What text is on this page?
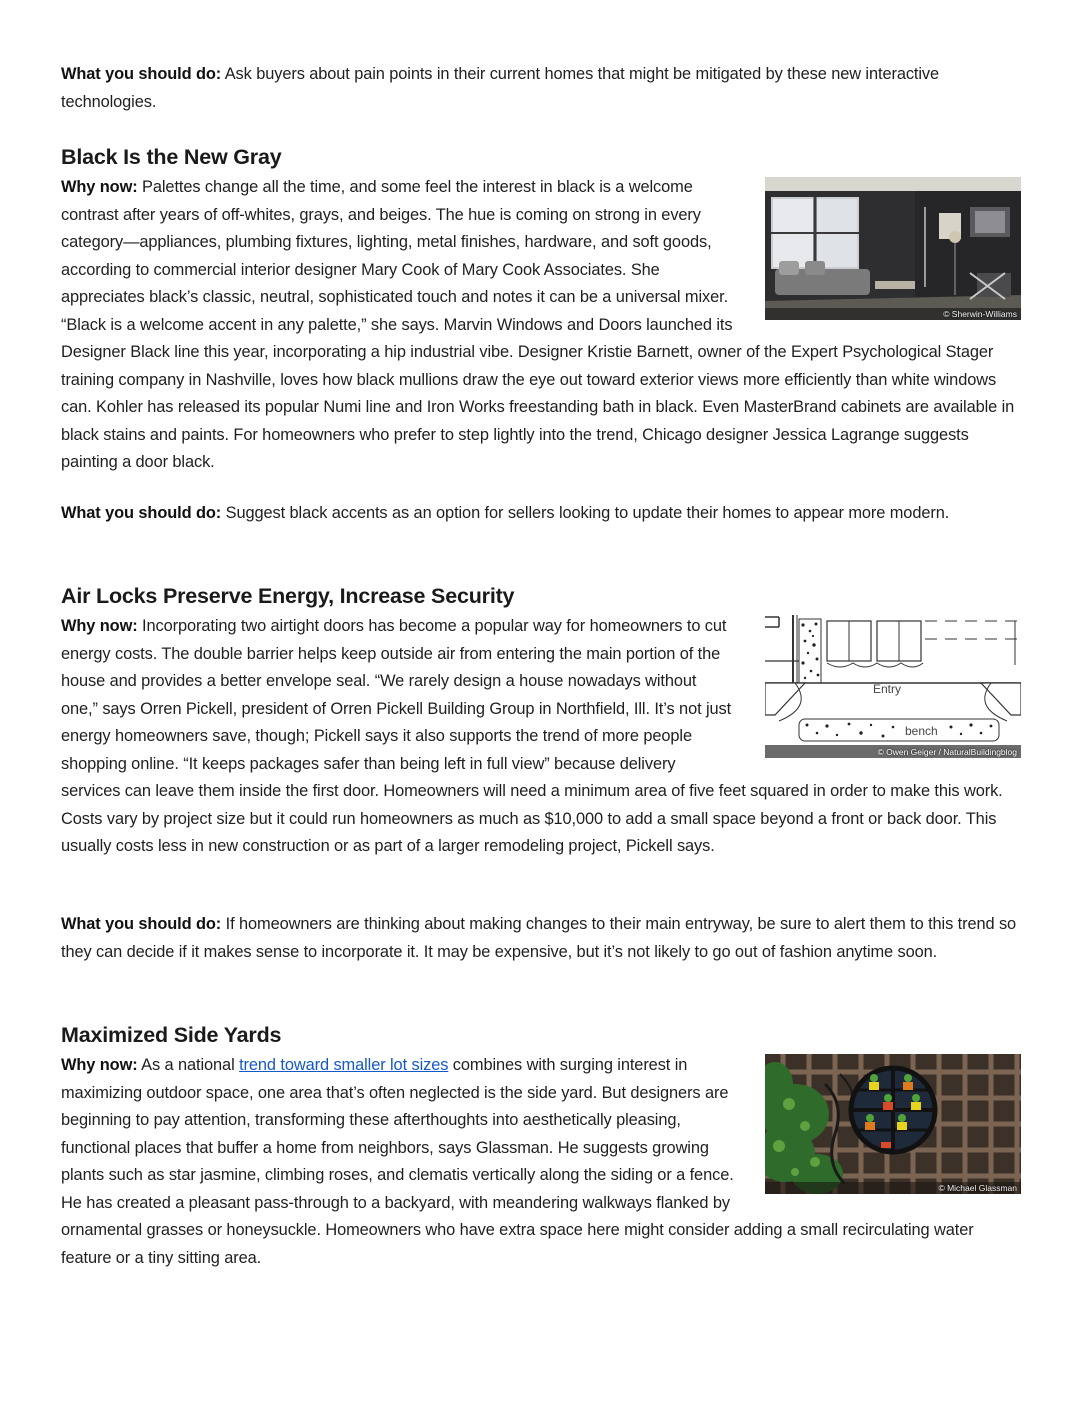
What you should do: Ask buyers about pain points in their current homes that might be mitigated by these new interactive technologies.

Black Is the New Gray
© Sherwin-Williams

Why now: Palettes change all the time, and some feel the interest in black is a welcome contrast after years of off-whites, grays, and beiges. The hue is coming on strong in every category—appliances, plumbing fixtures, lighting, metal finishes, hardware, and soft goods, according to commercial interior designer Mary Cook of Mary Cook Associates. She appreciates black’s classic, neutral, sophisticated touch and notes it can be a universal mixer. “Black is a welcome accent in any palette,” she says. Marvin Windows and Doors launched its Designer Black line this year, incorporating a hip industrial vibe. Designer Kristie Barnett, owner of the Expert Psychological Stager training company in Nashville, loves how black mullions draw the eye out toward exterior views more efficiently than white windows can. Kohler has released its popular Numi line and Iron Works freestanding bath in black. Even MasterBrand cabinets are available in black stains and paints. For homeowners who prefer to step lightly into the trend, Chicago designer Jessica Lagrange suggests painting a door black.

What you should do: Suggest black accents as an option for sellers looking to update their homes to appear more modern.

Air Locks Preserve Energy, Increase Security
Entry
bench
© Owen Geiger / NaturalBuildingblog

Why now: Incorporating two airtight doors has become a popular way for homeowners to cut energy costs. The double barrier helps keep outside air from entering the main portion of the house and provides a better envelope seal. “We rarely design a house nowadays without one,” says Orren Pickell, president of Orren Pickell Building Group in Northfield, Ill. It’s not just energy homeowners save, though; Pickell says it also supports the trend of more people shopping online. “It keeps packages safer than being left in full view” because delivery services can leave them inside the first door. Homeowners will need a minimum area of five feet squared in order to make this work. Costs vary by project size but it could run homeowners as much as $10,000 to add a small space beyond a front or back door. This usually costs less in new construction or as part of a larger remodeling project, Pickell says.

What you should do: If homeowners are thinking about making changes to their main entryway, be sure to alert them to this trend so they can decide if it makes sense to incorporate it. It may be expensive, but it’s not likely to go out of fashion anytime soon.

Maximized Side Yards
© Michael Glassman

Why now: As a national trend toward smaller lot sizes combines with surging interest in maximizing outdoor space, one area that’s often neglected is the side yard. But designers are beginning to pay attention, transforming these afterthoughts into aesthetically pleasing, functional places that buffer a home from neighbors, says Glassman. He suggests growing plants such as star jasmine, climbing roses, and clematis vertically along the siding or a fence. He has created a pleasant pass-through to a backyard, with meandering walkways flanked by ornamental grasses or honeysuckle. Homeowners who have extra space here might consider adding a small recirculating water feature or a tiny sitting area.
